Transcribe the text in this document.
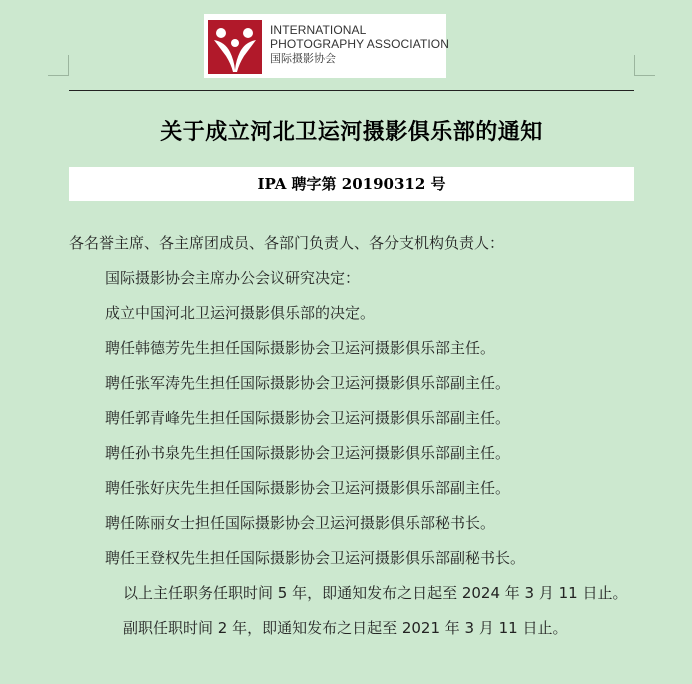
INTERNATIONAL
PHOTOGRAPHY ASSOCIATION
国际摄影协会
关于成立河北卫运河摄影俱乐部的通知
IPA 聘字第 20190312 号

各名誉主席、各主席团成员、各部门负责人、各分支机构负责人：

国际摄影协会主席办公会议研究决定：

成立中国河北卫运河摄影俱乐部的决定。

聘任韩德芳先生担任国际摄影协会卫运河摄影俱乐部主任。

聘任张军涛先生担任国际摄影协会卫运河摄影俱乐部副主任。

聘任郭青峰先生担任国际摄影协会卫运河摄影俱乐部副主任。

聘任孙书泉先生担任国际摄影协会卫运河摄影俱乐部副主任。

聘任张好庆先生担任国际摄影协会卫运河摄影俱乐部副主任。

聘任陈丽女士担任国际摄影协会卫运河摄影俱乐部秘书长。

聘任王登权先生担任国际摄影协会卫运河摄影俱乐部副秘书长。

以上主任职务任职时间 5 年，即通知发布之日起至 2024 年 3 月 11 日止。

副职任职时间 2 年，即通知发布之日起至 2021 年 3 月 11 日止。
